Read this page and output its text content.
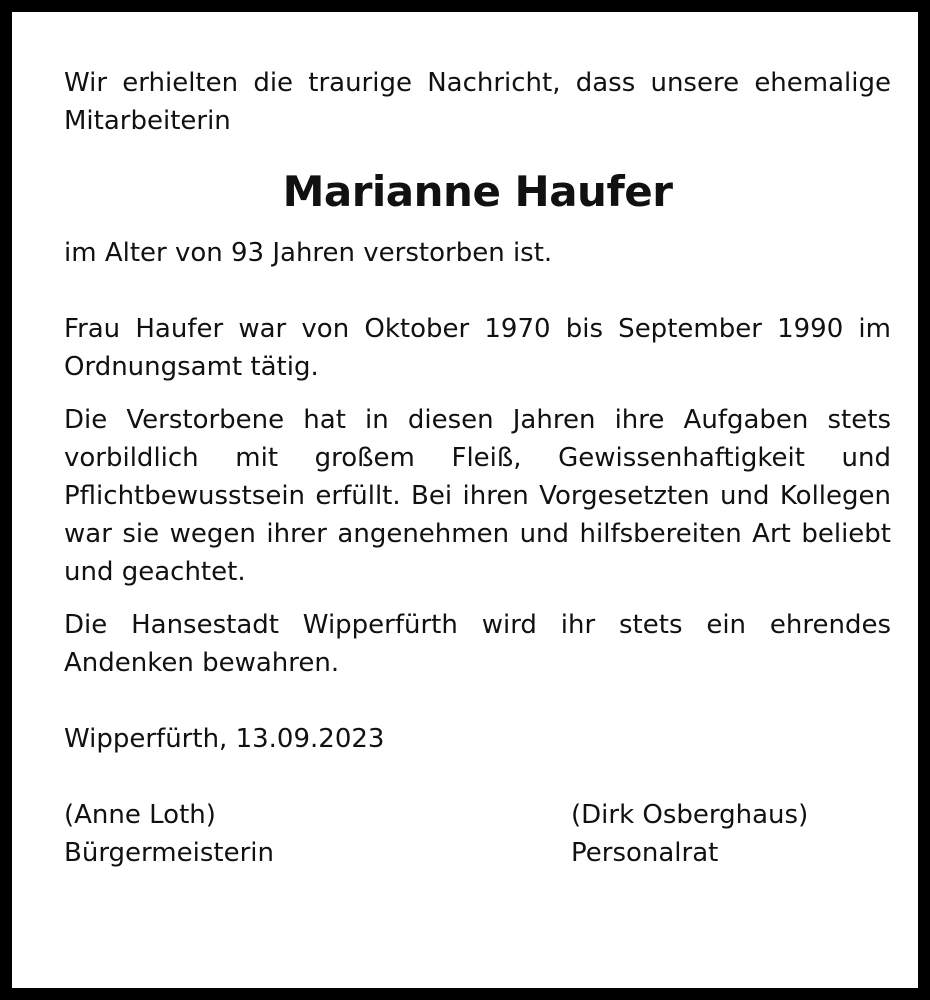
Wir erhielten die traurige Nachricht, dass unsere ehemalige Mitarbeiterin

Marianne Haufer

im Alter von 93 Jahren verstorben ist.

Frau Haufer war von Oktober 1970 bis September 1990 im Ordnungsamt tätig.

Die Verstorbene hat in diesen Jahren ihre Aufgaben stets vorbildlich mit großem Fleiß, Gewissenhaftigkeit und Pflichtbewusstsein erfüllt. Bei ihren Vorgesetzten und Kollegen war sie wegen ihrer angenehmen und hilfsbereiten Art beliebt und geachtet.

Die Hansestadt Wipperfürth wird ihr stets ein ehrendes Andenken bewahren.

Wipperfürth, 13.09.2023

(Anne Loth)

Bürgermeisterin

(Dirk Osberghaus)

Personalrat
